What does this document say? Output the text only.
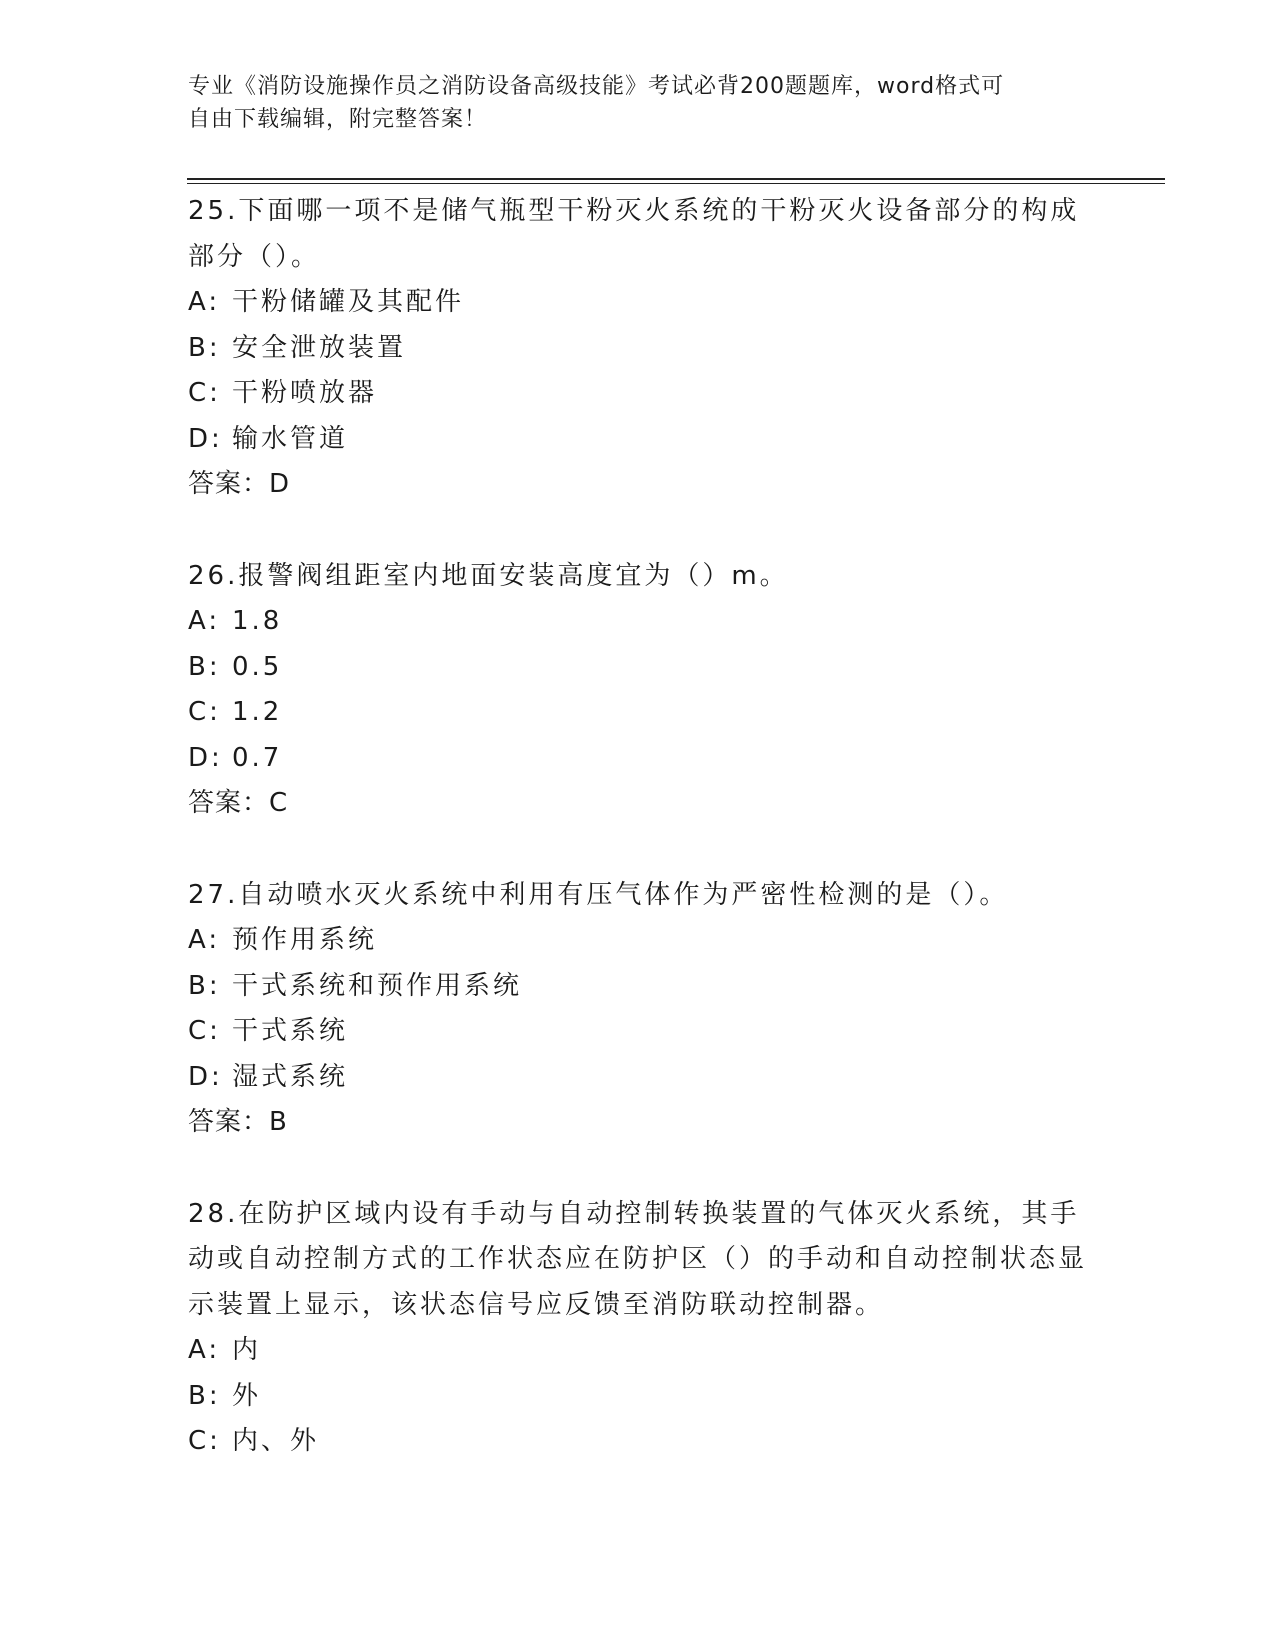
专业《消防设施操作员之消防设备高级技能》考试必背200题题库，word格式可
自由下载编辑，附完整答案！

25.下面哪一项不是储气瓶型干粉灭火系统的干粉灭火设备部分的构成部分（）。

A: 干粉储罐及其配件

B: 安全泄放装置

C: 干粉喷放器

D: 输水管道

答案：D

26.报警阀组距室内地面安装高度宜为（）m。

A: 1.8

B: 0.5

C: 1.2

D: 0.7

答案：C

27.自动喷水灭火系统中利用有压气体作为严密性检测的是（）。

A: 预作用系统

B: 干式系统和预作用系统

C: 干式系统

D: 湿式系统

答案：B

28.在防护区域内设有手动与自动控制转换装置的气体灭火系统，其手动或自动控制方式的工作状态应在防护区（）的手动和自动控制状态显示装置上显示，该状态信号应反馈至消防联动控制器。

A: 内

B: 外

C: 内、外
